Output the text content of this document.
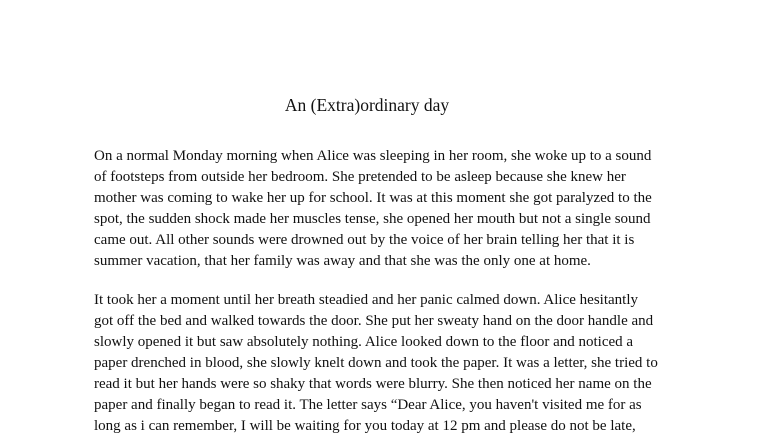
An (Extra)ordinary day
On a normal Monday morning when Alice was sleeping in her room, she woke up to a sound
of footsteps from outside her bedroom. She pretended to be asleep because she knew her
mother was coming to wake her up for school. It was at this moment she got paralyzed to the
spot, the sudden shock made her muscles tense, she opened her mouth but not a single sound
came out. All other sounds were drowned out by the voice of her brain telling her that it is
summer vacation, that her family was away and that she was the only one at home.
It took her a moment until her breath steadied and her panic calmed down. Alice hesitantly
got off the bed and walked towards the door. She put her sweaty hand on the door handle and
slowly opened it but saw absolutely nothing. Alice looked down to the floor and noticed a
paper drenched in blood, she slowly knelt down and took the paper. It was a letter, she tried to
read it but her hands were so shaky that words were blurry. She then noticed her name on the
paper and finally began to read it. The letter says “Dear Alice, you haven't visited me for as
long as i can remember, I will be waiting for you today at 12 pm and please do not be late,
